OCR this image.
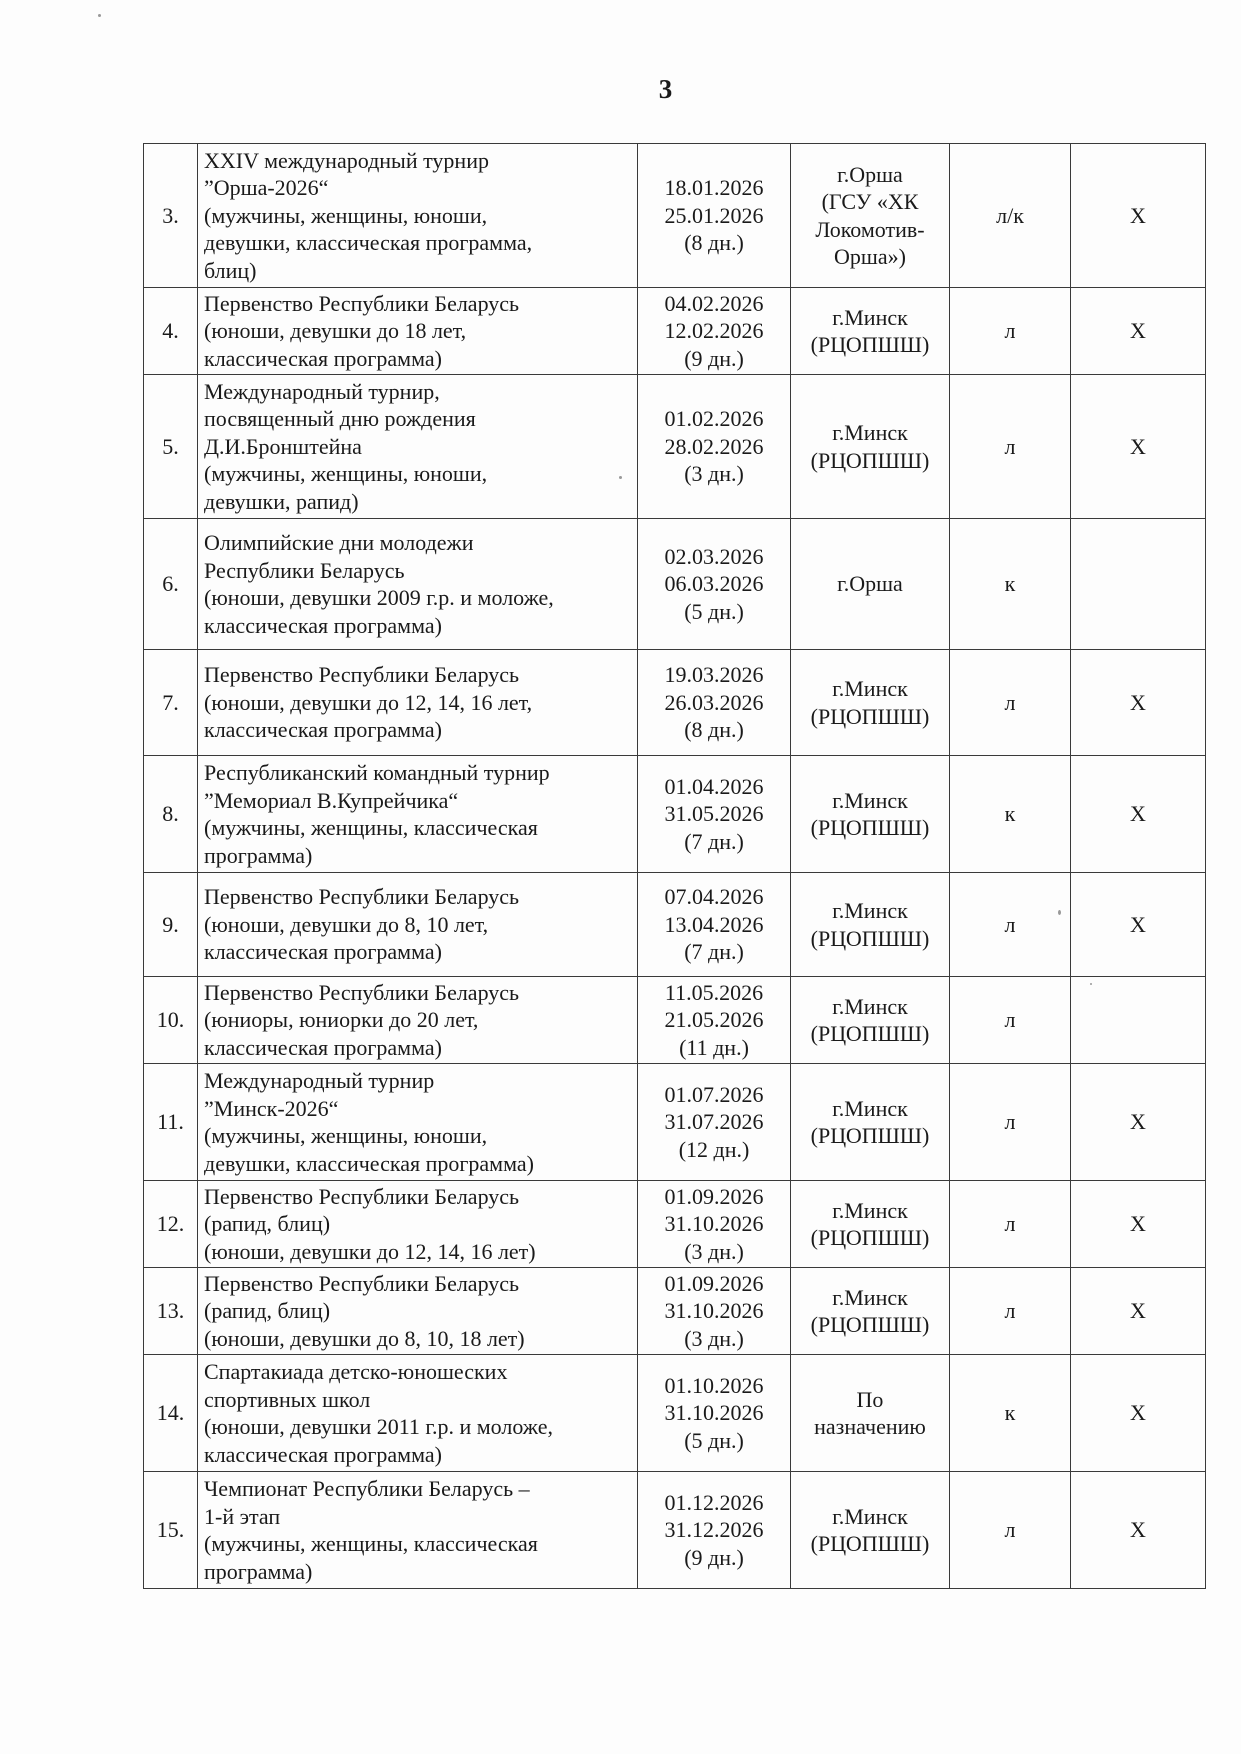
3
3.	XXIV международный турнир
”Орша-2026“
(мужчины, женщины, юноши,
девушки, классическая программа,
блиц)	18.01.2026
25.01.2026
(8 дн.)	г.Орша
(ГСУ «ХК
Локомотив-
Орша»)	л/к	Х
4.	Первенство Республики Беларусь
(юноши, девушки до 18 лет,
классическая программа)	04.02.2026
12.02.2026
(9 дн.)	г.Минск
(РЦОПШШ)	л	Х
5.	Международный турнир,
посвященный дню рождения
Д.И.Бронштейна
(мужчины, женщины, юноши,
девушки, рапид)	01.02.2026
28.02.2026
(3 дн.)	г.Минск
(РЦОПШШ)	л	Х
6.	Олимпийские дни молодежи
Республики Беларусь
(юноши, девушки 2009 г.р. и моложе,
классическая программа)	02.03.2026
06.03.2026
(5 дн.)	г.Орша	к	
7.	Первенство Республики Беларусь
(юноши, девушки до 12, 14, 16 лет,
классическая программа)	19.03.2026
26.03.2026
(8 дн.)	г.Минск
(РЦОПШШ)	л	Х
8.	Республиканский командный турнир
”Мемориал В.Купрейчика“
(мужчины, женщины, классическая
программа)	01.04.2026
31.05.2026
(7 дн.)	г.Минск
(РЦОПШШ)	к	Х
9.	Первенство Республики Беларусь
(юноши, девушки до 8, 10 лет,
классическая программа)	07.04.2026
13.04.2026
(7 дн.)	г.Минск
(РЦОПШШ)	л	Х
10.	Первенство Республики Беларусь
(юниоры, юниорки до 20 лет,
классическая программа)	11.05.2026
21.05.2026
(11 дн.)	г.Минск
(РЦОПШШ)	л	
11.	Международный турнир
”Минск-2026“
(мужчины, женщины, юноши,
девушки, классическая программа)	01.07.2026
31.07.2026
(12 дн.)	г.Минск
(РЦОПШШ)	л	Х
12.	Первенство Республики Беларусь
(рапид, блиц)
(юноши, девушки до 12, 14, 16 лет)	01.09.2026
31.10.2026
(3 дн.)	г.Минск
(РЦОПШШ)	л	Х
13.	Первенство Республики Беларусь
(рапид, блиц)
(юноши, девушки до 8, 10, 18 лет)	01.09.2026
31.10.2026
(3 дн.)	г.Минск
(РЦОПШШ)	л	Х
14.	Спартакиада детско-юношеских
спортивных школ
(юноши, девушки 2011 г.р. и моложе,
классическая программа)	01.10.2026
31.10.2026
(5 дн.)	По
назначению	к	Х
15.	Чемпионат Республики Беларусь –
1-й этап
(мужчины, женщины, классическая
программа)	01.12.2026
31.12.2026
(9 дн.)	г.Минск
(РЦОПШШ)	л	Х
